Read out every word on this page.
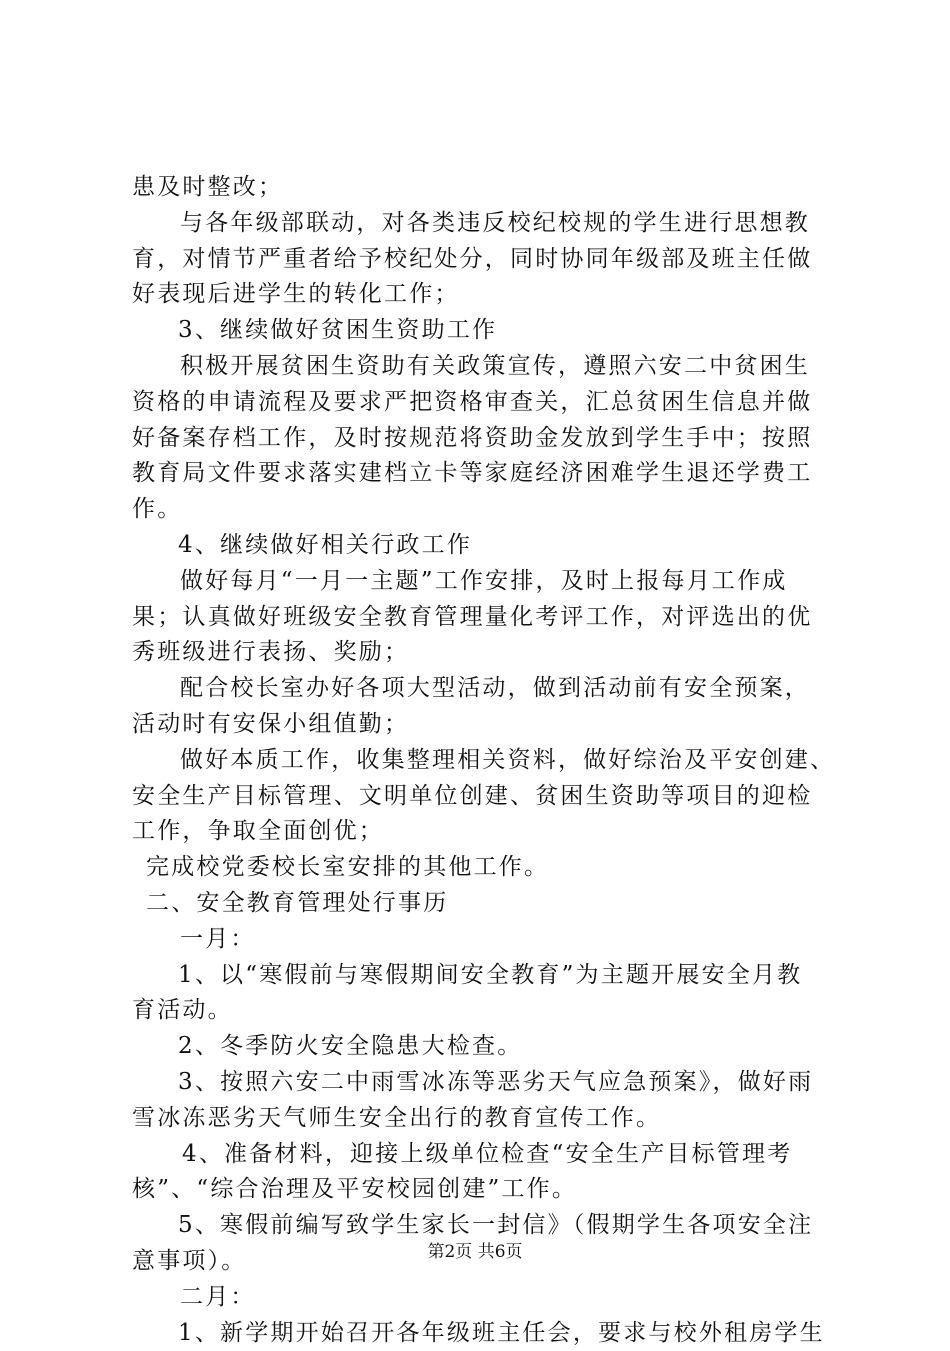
患及时整改；
与各年级部联动，对各类违反校纪校规的学生进行思想教
育，对情节严重者给予校纪处分，同时协同年级部及班主任做
好表现后进学生的转化工作；
3、继续做好贫困生资助工作
积极开展贫困生资助有关政策宣传，遵照六安二中贫困生
资格的申请流程及要求严把资格审查关，汇总贫困生信息并做
好备案存档工作，及时按规范将资助金发放到学生手中；按照
教育局文件要求落实建档立卡等家庭经济困难学生退还学费工
作。
4、继续做好相关行政工作
做好每月“一月一主题”工作安排，及时上报每月工作成
果；认真做好班级安全教育管理量化考评工作，对评选出的优
秀班级进行表扬、奖励；
配合校长室办好各项大型活动，做到活动前有安全预案，
活动时有安保小组值勤；
做好本质工作，收集整理相关资料，做好综治及平安创建、
安全生产目标管理、文明单位创建、贫困生资助等项目的迎检
工作，争取全面创优；
完成校党委校长室安排的其他工作。
二、安全教育管理处行事历
一月：
1、以“寒假前与寒假期间安全教育”为主题开展安全月教
育活动。
2、冬季防火安全隐患大检查。
3、按照六安二中雨雪冰冻等恶劣天气应急预案》，做好雨
雪冰冻恶劣天气师生安全出行的教育宣传工作。
4、准备材料，迎接上级单位检查“安全生产目标管理考
核”、“综合治理及平安校园创建”工作。
5、寒假前编写致学生家长一封信》（假期学生各项安全注
意事项）。
二月：
1、新学期开始召开各年级班主任会，要求与校外租房学生
第2页 共6页
